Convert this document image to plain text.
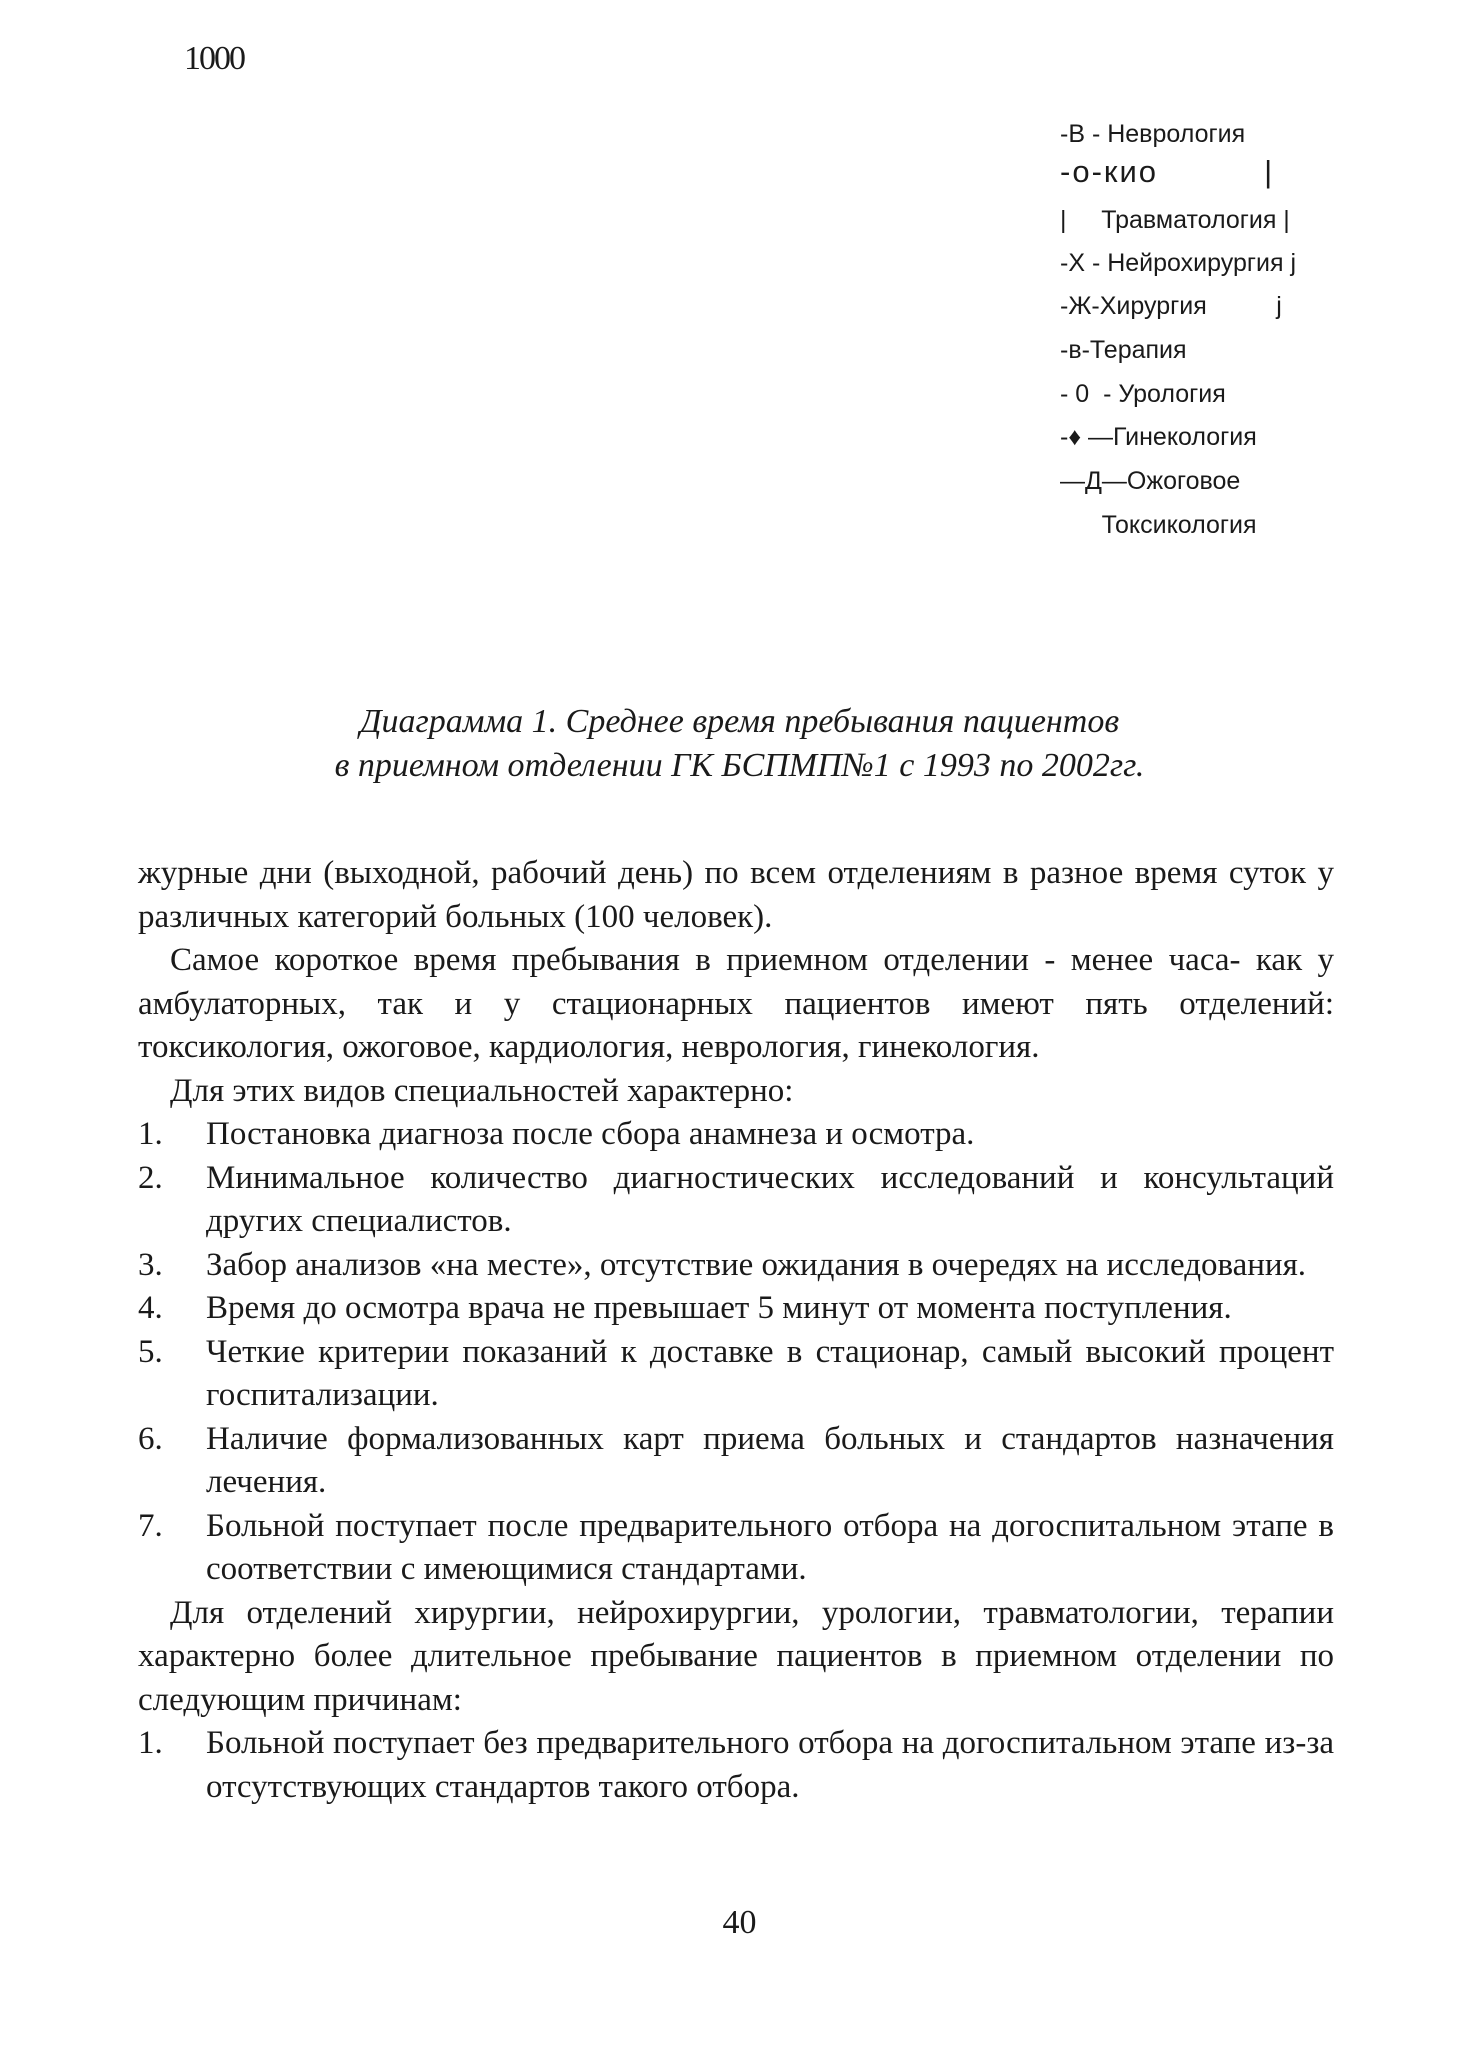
1000
-В - Неврология
-о-кио          |
|     Травматология |
-Х - Нейрохирургия j
-Ж-Хирургия          j
-в-Терапия
- 0  - Урология
-♦ —Гинекология
—Д—Ожоговое
Токсикология
Диаграмма 1. Среднее время пребывания пациентов
в приемном отделении ГК БСПМП№1 с 1993 по 2002гг.

журные дни (выходной, рабочий день) по всем отделениям в разное время суток у различных категорий больных (100 человек).

Самое короткое время пребывания в приемном отделении - менее часа- как у амбулаторных, так и у стационарных пациентов имеют пять отделений: токсикология, ожоговое, кардиология, неврология, гинекология.

Для этих видов специальностей характерно:

1. Постановка диагноза после сбора анамнеза и осмотра.
2. Минимальное количество диагностических исследований и консультаций других специалистов.
3. Забор анализов «на месте», отсутствие ожидания в очередях на исследования.
4. Время до осмотра врача не превышает 5 минут от момента поступления.
5. Четкие критерии показаний к доставке в стационар, самый высокий процент госпитализации.
6. Наличие формализованных карт приема больных и стандартов назначения лечения.
7. Больной поступает после предварительного отбора на догоспитальном этапе в соответствии с имеющимися стандартами.

Для отделений хирургии, нейрохирургии, урологии, травматологии, терапии характерно более длительное пребывание пациентов в приемном отделении по следующим причинам:

1. Больной поступает без предварительного отбора на догоспитальном этапе из-за отсутствующих стандартов такого отбора.
40
